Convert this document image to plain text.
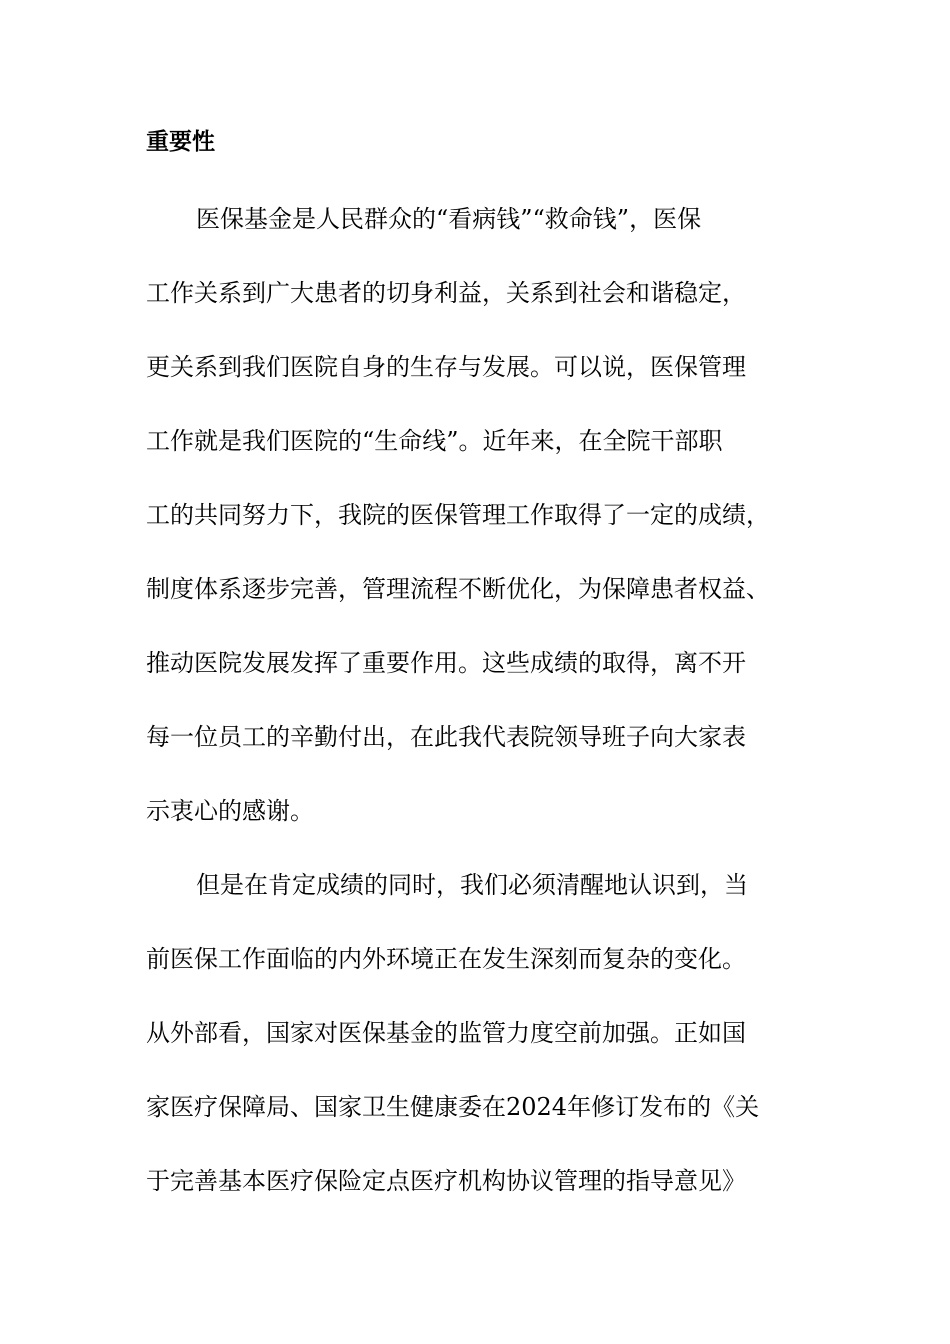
重要性
医保基金是人民群众的“看病钱”“救命钱”，医保
工作关系到广大患者的切身利益，关系到社会和谐稳定，
更关系到我们医院自身的生存与发展。可以说，医保管理
工作就是我们医院的“生命线”。近年来，在全院干部职
工的共同努力下，我院的医保管理工作取得了一定的成绩，
制度体系逐步完善，管理流程不断优化，为保障患者权益、
推动医院发展发挥了重要作用。这些成绩的取得，离不开
每一位员工的辛勤付出，在此我代表院领导班子向大家表
示衷心的感谢。
但是在肯定成绩的同时，我们必须清醒地认识到，当
前医保工作面临的内外环境正在发生深刻而复杂的变化。
从外部看，国家对医保基金的监管力度空前加强。正如国
家医疗保障局、国家卫生健康委在2024年修订发布的《关
于完善基本医疗保险定点医疗机构协议管理的指导意见》
